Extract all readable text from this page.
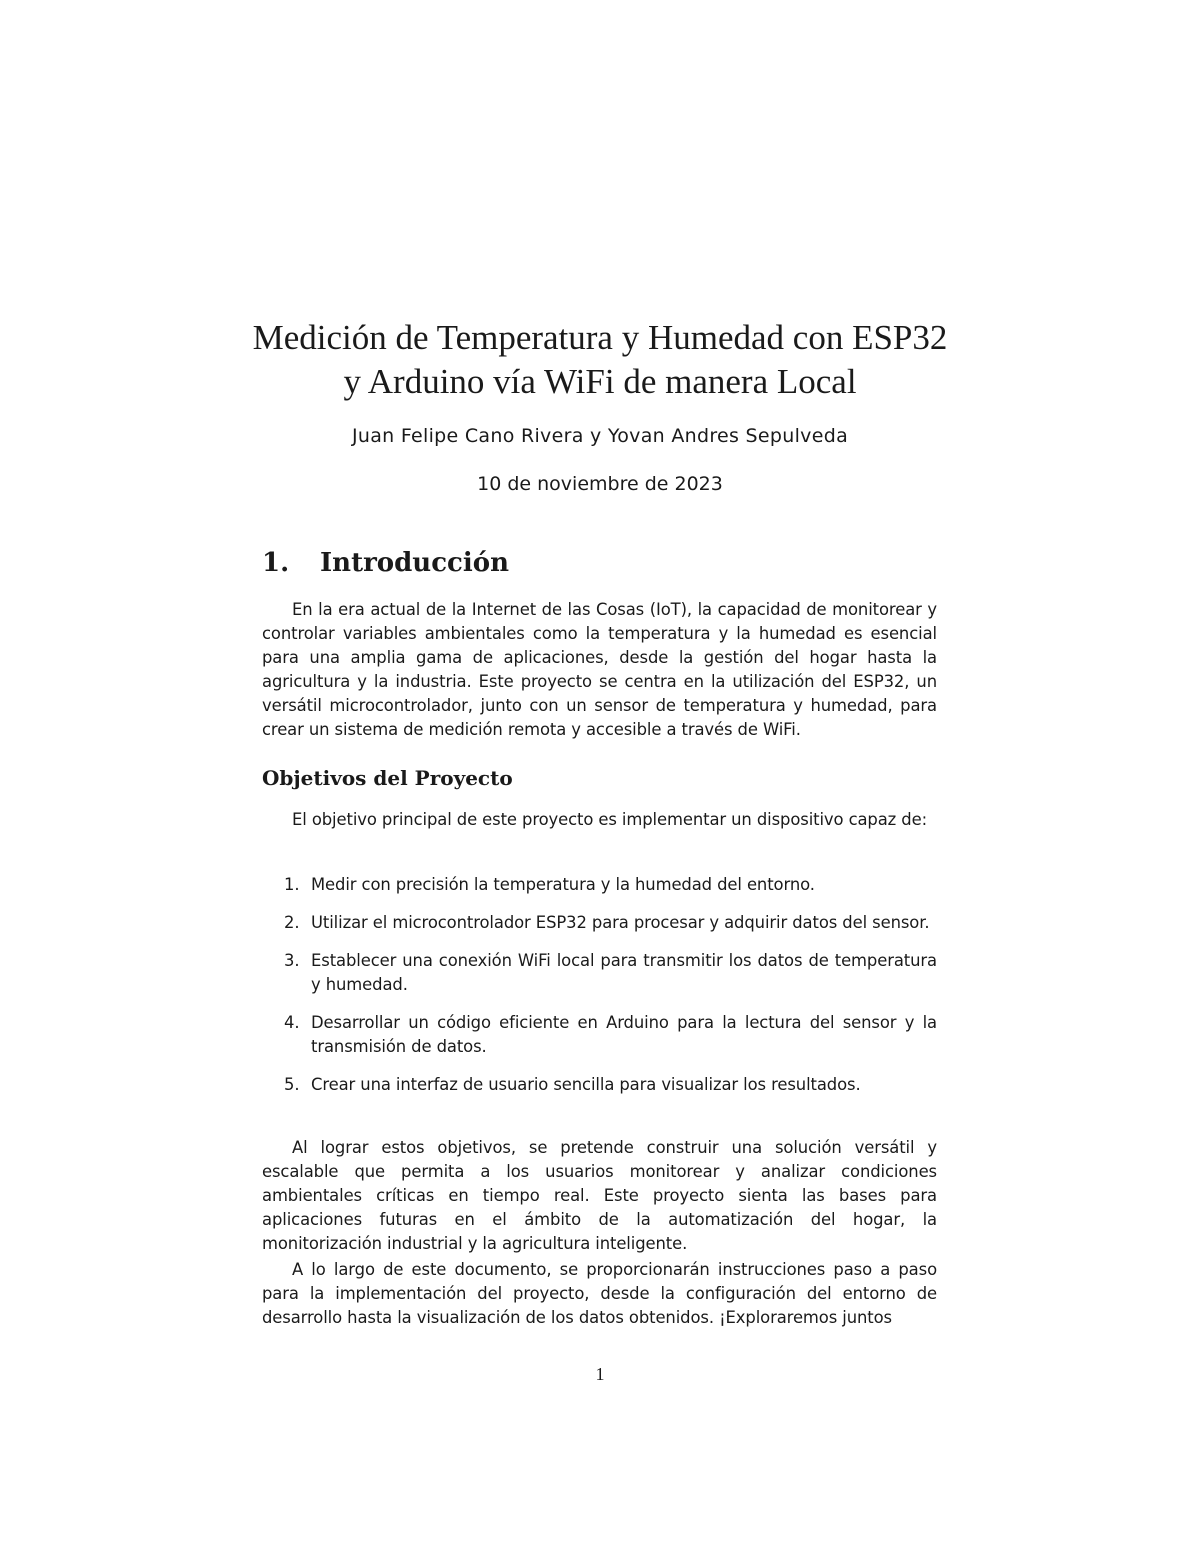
Medición de Temperatura y Humedad con ESP32
y Arduino vía WiFi de manera Local
Juan Felipe Cano Rivera y Yovan Andres Sepulveda
10 de noviembre de 2023
1. Introducción

En la era actual de la Internet de las Cosas (IoT), la capacidad de monitorear y controlar variables ambientales como la temperatura y la humedad es esencial para una amplia gama de aplicaciones, desde la gestión del hogar hasta la agricultura y la industria. Este proyecto se centra en la utilización del ESP32, un versátil microcontrolador, junto con un sensor de temperatura y humedad, para crear un sistema de medición remota y accesible a través de WiFi.

Objetivos del Proyecto

El objetivo principal de este proyecto es implementar un dispositivo capaz de:

1. Medir con precisión la temperatura y la humedad del entorno.
2. Utilizar el microcontrolador ESP32 para procesar y adquirir datos del sensor.
3. Establecer una conexión WiFi local para transmitir los datos de temperatura y humedad.
4. Desarrollar un código eficiente en Arduino para la lectura del sensor y la transmisión de datos.
5. Crear una interfaz de usuario sencilla para visualizar los resultados.

Al lograr estos objetivos, se pretende construir una solución versátil y escalable que permita a los usuarios monitorear y analizar condiciones ambientales críticas en tiempo real. Este proyecto sienta las bases para aplicaciones futuras en el ámbito de la automatización del hogar, la monitorización industrial y la agricultura inteligente.

A lo largo de este documento, se proporcionarán instrucciones paso a paso para la implementación del proyecto, desde la configuración del entorno de desarrollo hasta la visualización de los datos obtenidos. ¡Exploraremos juntos

1
